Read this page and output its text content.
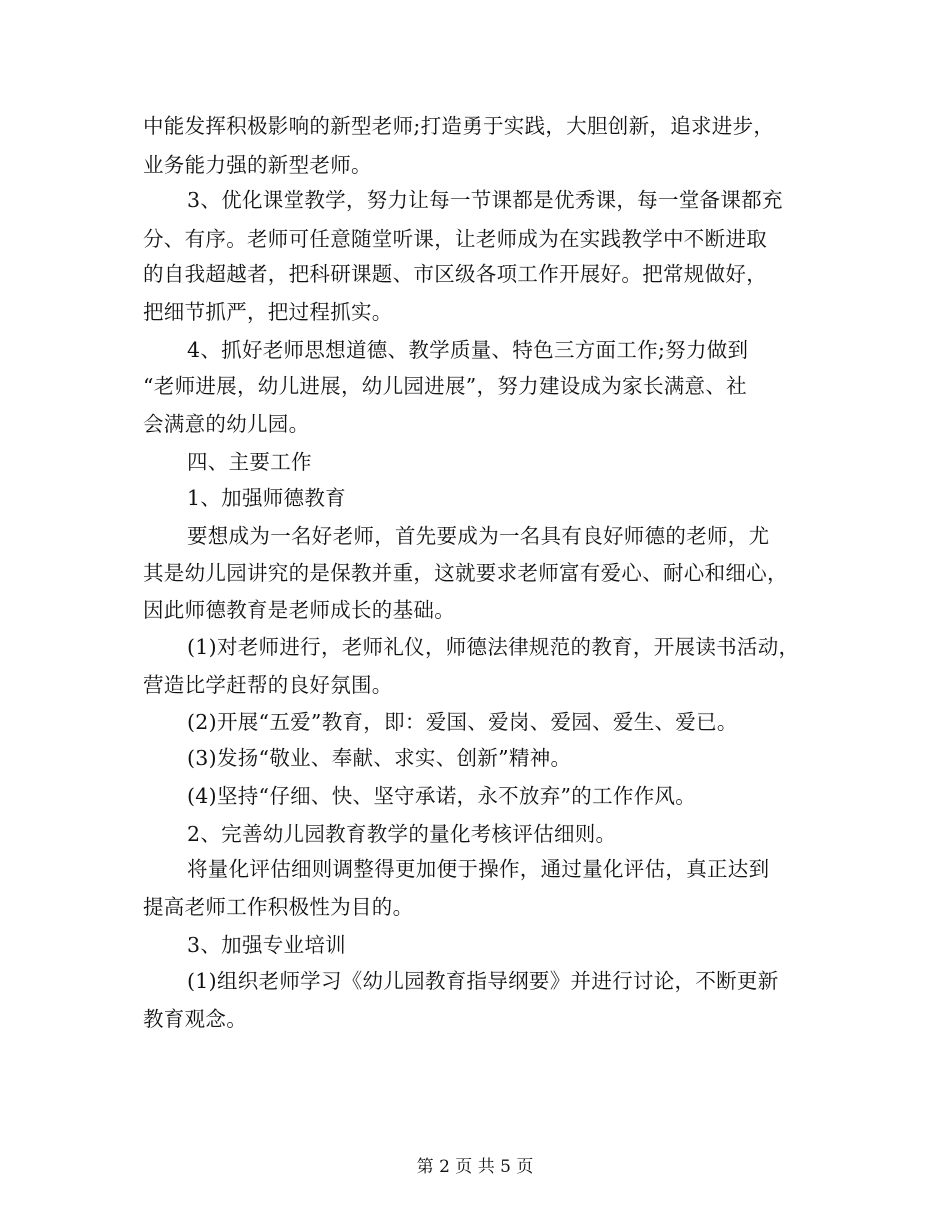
中能发挥积极影响的新型老师;打造勇于实践，大胆创新，追求进步，
业务能力强的新型老师。
3、优化课堂教学，努力让每一节课都是优秀课，每一堂备课都充
分、有序。老师可任意随堂听课，让老师成为在实践教学中不断进取
的自我超越者，把科研课题、市区级各项工作开展好。把常规做好，
把细节抓严，把过程抓实。
4、抓好老师思想道德、教学质量、特色三方面工作;努力做到
“老师进展，幼儿进展，幼儿园进展”，努力建设成为家长满意、社
会满意的幼儿园。
四、主要工作
1、加强师德教育
要想成为一名好老师，首先要成为一名具有良好师德的老师，尤
其是幼儿园讲究的是保教并重，这就要求老师富有爱心、耐心和细心，
因此师德教育是老师成长的基础。
(1)对老师进行，老师礼仪，师德法律规范的教育，开展读书活动，
营造比学赶帮的良好氛围。
(2)开展“五爱”教育，即：爱国、爱岗、爱园、爱生、爱已。
(3)发扬“敬业、奉献、求实、创新”精神。
(4)坚持“仔细、快、坚守承诺，永不放弃”的工作作风。
2、完善幼儿园教育教学的量化考核评估细则。
将量化评估细则调整得更加便于操作，通过量化评估，真正达到
提高老师工作积极性为目的。
3、加强专业培训
(1)组织老师学习《幼儿园教育指导纲要》并进行讨论，不断更新
教育观念。
第 2 页 共 5 页
